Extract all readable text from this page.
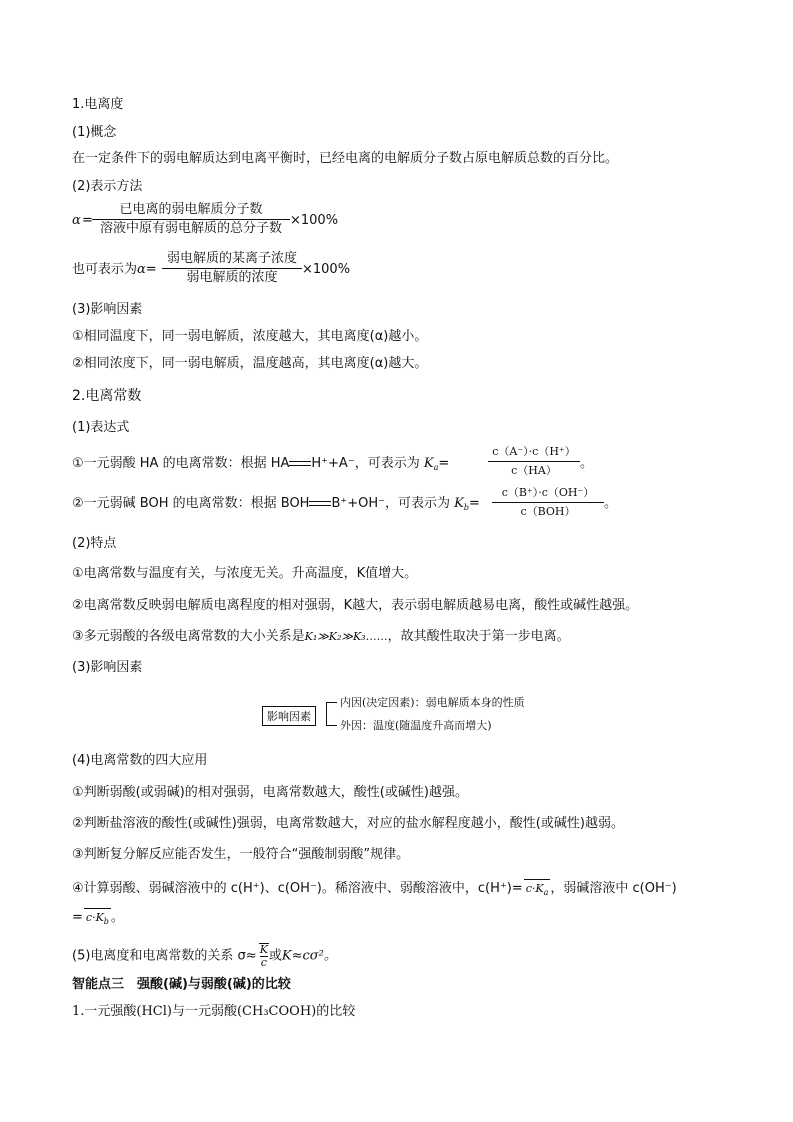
1.电离度
(1)概念
在一定条件下的弱电解质达到电离平衡时，已经电离的电解质分子数占原电解质总数的百分比。
(2)表示方法
α =
已电离的弱电解质分子数
溶液中原有弱电解质的总分子数
×100%
也可表示为α=
弱电解质的某离子浓度
弱电解质的浓度
×100%
(3)影响因素
①相同温度下，同一弱电解质，浓度越大，其电离度(α)越小。
②相同浓度下，同一弱电解质，温度越高，其电离度(α)越大。
2.电离常数
(1)表达式
①一元弱酸 HA 的电离常数：根据 HA H⁺+A⁻，可表示为 $K_a=$
c（A⁻）·c（H⁺）
c（HA）	。
②一元弱碱 BOH 的电离常数：根据 BOH B⁺+OH⁻，可表示为 $K_b=$
c（B⁺）·c（OH⁻）
c（BOH）
。
(2)特点
①电离常数与温度有关，与浓度无关。升高温度，K值增大。
②电离常数反映弱电解质电离程度的相对强弱，K越大，表示弱电解质越易电离，酸性或碱性越强。
③多元弱酸的各级电离常数的大小关系是K₁≫K₂≫K₃……，故其酸性取决于第一步电离。
(3)影响因素
影响因素
内因(决定因素)：弱电解质本身的性质
外因：温度(随温度升高而增大)
(4)电离常数的四大应用
①判断弱酸(或弱碱)的相对强弱，电离常数越大，酸性(或碱性)越强。
②判断盐溶液的酸性(或碱性)强弱，电离常数越大，对应的盐水解程度越小，酸性(或碱性)越弱。
③判断复分解反应能否发生，一般符合“强酸制弱酸”规律。
④计算弱酸、弱碱溶液中的 c(H⁺)、c(OH⁻)。稀溶液中、弱酸溶液中，$c(H^+)= c\cdot K_a$ ，弱碱溶液中 c(OH⁻)
= $c\cdot K_b$ 。
(5)电离度和电离常数的关系 $\sigma\approx \frac{K}{c}$ 或K≈cσ²。
智能点三　强酸(碱)与弱酸(碱)的比较
1.一元强酸(HCl)与一元弱酸(CH₃COOH)的比较
